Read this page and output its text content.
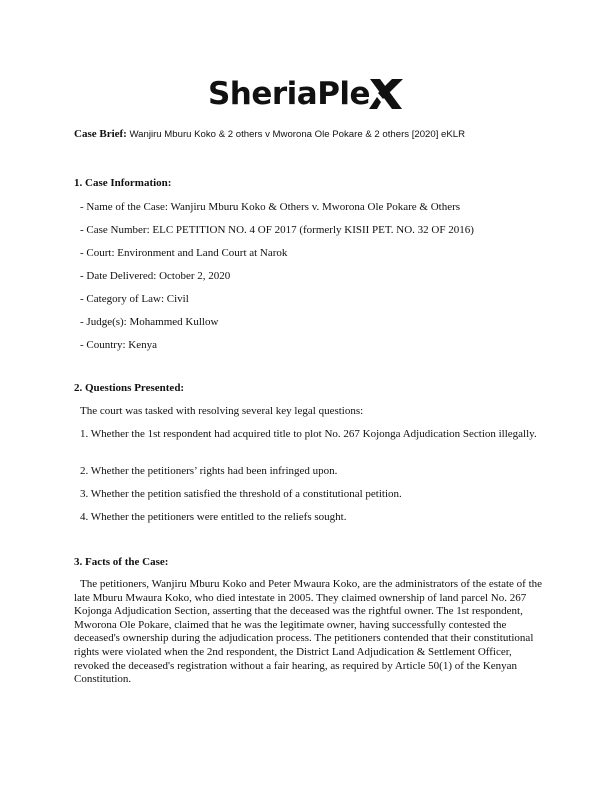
SheriaPle
Case Brief: Wanjiru Mburu Koko & 2 others v Mworona Ole Pokare & 2 others [2020] eKLR
1. Case Information:
- Name of the Case: Wanjiru Mburu Koko & Others v. Mworona Ole Pokare & Others
- Case Number: ELC PETITION NO. 4 OF 2017 (formerly KISII PET. NO. 32 OF 2016)
- Court: Environment and Land Court at Narok
- Date Delivered: October 2, 2020
- Category of Law: Civil
- Judge(s): Mohammed Kullow
- Country: Kenya
2. Questions Presented:
The court was tasked with resolving several key legal questions:
1. Whether the 1st respondent had acquired title to plot No. 267 Kojonga Adjudication Section illegally.
2. Whether the petitioners’ rights had been infringed upon.
3. Whether the petition satisfied the threshold of a constitutional petition.
4. Whether the petitioners were entitled to the reliefs sought.
3. Facts of the Case:
The petitioners, Wanjiru Mburu Koko and Peter Mwaura Koko, are the administrators of the estate of the late Mburu Mwaura Koko, who died intestate in 2005. They claimed ownership of land parcel No. 267 Kojonga Adjudication Section, asserting that the deceased was the rightful owner. The 1st respondent, Mworona Ole Pokare, claimed that he was the legitimate owner, having successfully contested the deceased's ownership during the adjudication process. The petitioners contended that their constitutional rights were violated when the 2nd respondent, the District Land Adjudication & Settlement Officer, revoked the deceased's registration without a fair hearing, as required by Article 50(1) of the Kenyan Constitution.
